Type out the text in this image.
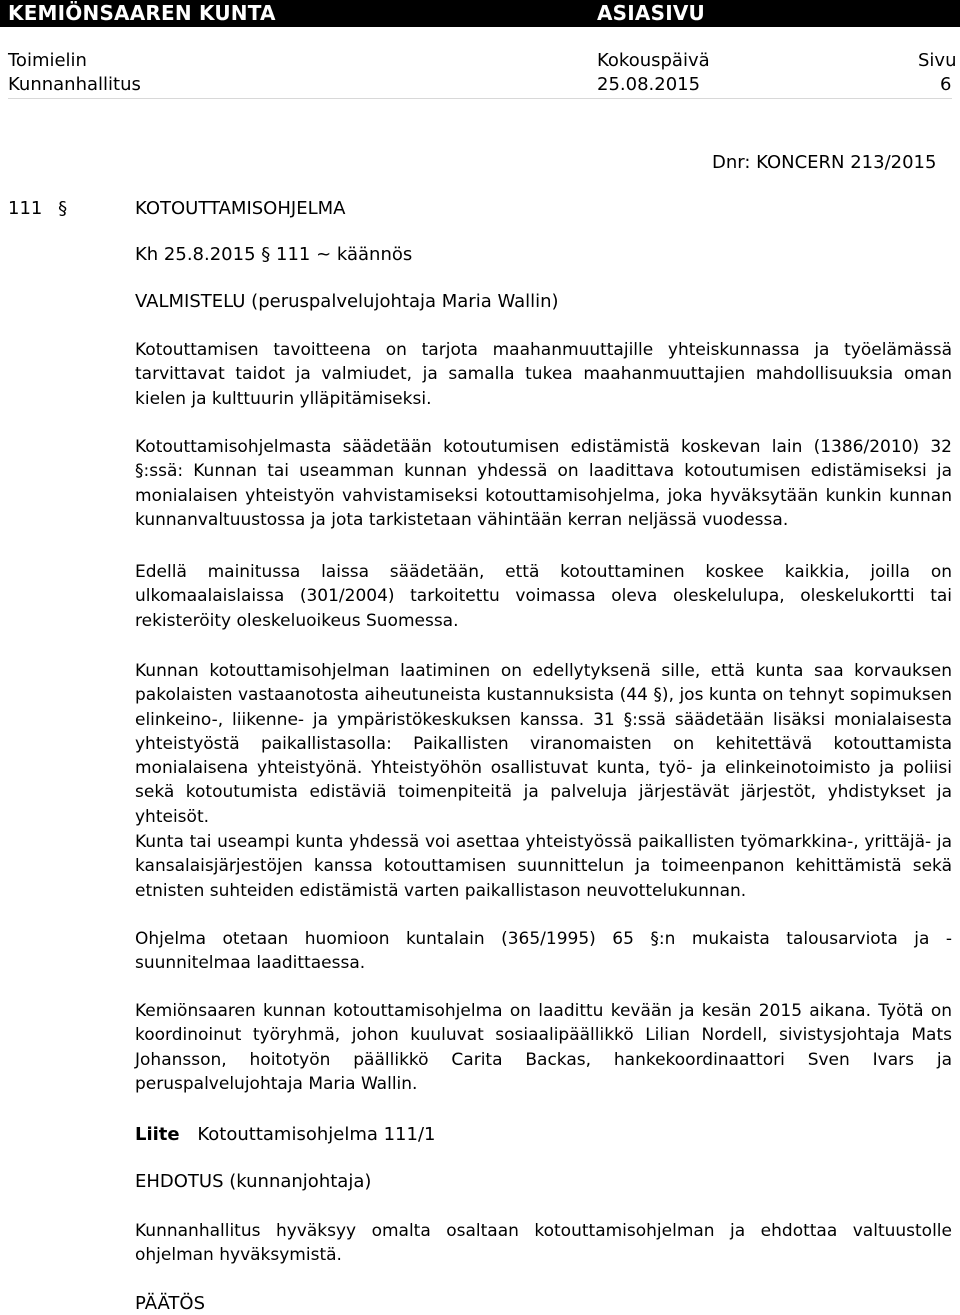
KEMIÖNSAAREN KUNTA	ASIASIVU
Toimielin	Kokouspäivä	Sivu
Kunnanhallitus	25.08.2015	6
Dnr: KONCERN 213/2015
111 §	KOTOUTTAMISOHJELMA
Kh 25.8.2015 § 111 ~ käännös
VALMISTELU (peruspalvelujohtaja Maria Wallin)
Kotouttamisen tavoitteena on tarjota maahanmuuttajille yhteiskunnassa ja työelämässä tarvittavat taidot ja valmiudet, ja samalla tukea maahanmuuttajien mahdollisuuksia oman kielen ja kulttuurin ylläpitämiseksi.
Kotouttamisohjelmasta säädetään kotoutumisen edistämistä koskevan lain (1386/2010) 32 §:ssä: Kunnan tai useamman kunnan yhdessä on laadittava kotoutumisen edistämiseksi ja monialaisen yhteistyön vahvistamiseksi kotouttamisohjelma, joka hyväksytään kunkin kunnan kunnanvaltuustossa ja jota tarkistetaan vähintään kerran neljässä vuodessa.
Edellä mainitussa laissa säädetään, että kotouttaminen koskee kaikkia, joilla on ulkomaalaislaissa (301/2004) tarkoitettu voimassa oleva oleskelulupa, oleskelukortti tai rekisteröity oleskeluoikeus Suomessa.
Kunnan kotouttamisohjelman laatiminen on edellytyksenä sille, että kunta saa korvauksen pakolaisten vastaanotosta aiheutuneista kustannuksista (44 §), jos kunta on tehnyt sopimuksen elinkeino-, liikenne- ja ympäristökeskuksen kanssa. 31 §:ssä säädetään lisäksi monialaisesta yhteistyöstä paikallistasolla: Paikallisten viranomaisten on kehitettävä kotouttamista monialaisena yhteistyönä. Yhteistyöhön osallistuvat kunta, työ- ja elinkeinotoimisto ja poliisi sekä kotoutumista edistäviä toimenpiteitä ja palveluja järjestävät järjestöt, yhdistykset ja yhteisöt.
Kunta tai useampi kunta yhdessä voi asettaa yhteistyössä paikallisten työmarkkina-, yrittäjä- ja kansalaisjärjestöjen kanssa kotouttamisen suunnittelun ja toimeenpanon kehittämistä sekä etnisten suhteiden edistämistä varten paikallistason neuvottelukunnan.
Ohjelma otetaan huomioon kuntalain (365/1995) 65 §:n mukaista talousarviota ja -suunnitelmaa laadittaessa.
Kemiönsaaren kunnan kotouttamisohjelma on laadittu kevään ja kesän 2015 aikana. Työtä on koordinoinut työryhmä, johon kuuluvat sosiaalipäällikkö Lilian Nordell, sivistysjohtaja Mats Johansson, hoitotyön päällikkö Carita Backas, hankekoordinaattori Sven Ivars ja peruspalvelujohtaja Maria Wallin.
Liite Kotouttamisohjelma 111/1
EHDOTUS (kunnanjohtaja)
Kunnanhallitus hyväksyy omalta osaltaan kotouttamisohjelman ja ehdottaa valtuustolle ohjelman hyväksymistä.
PÄÄTÖS
